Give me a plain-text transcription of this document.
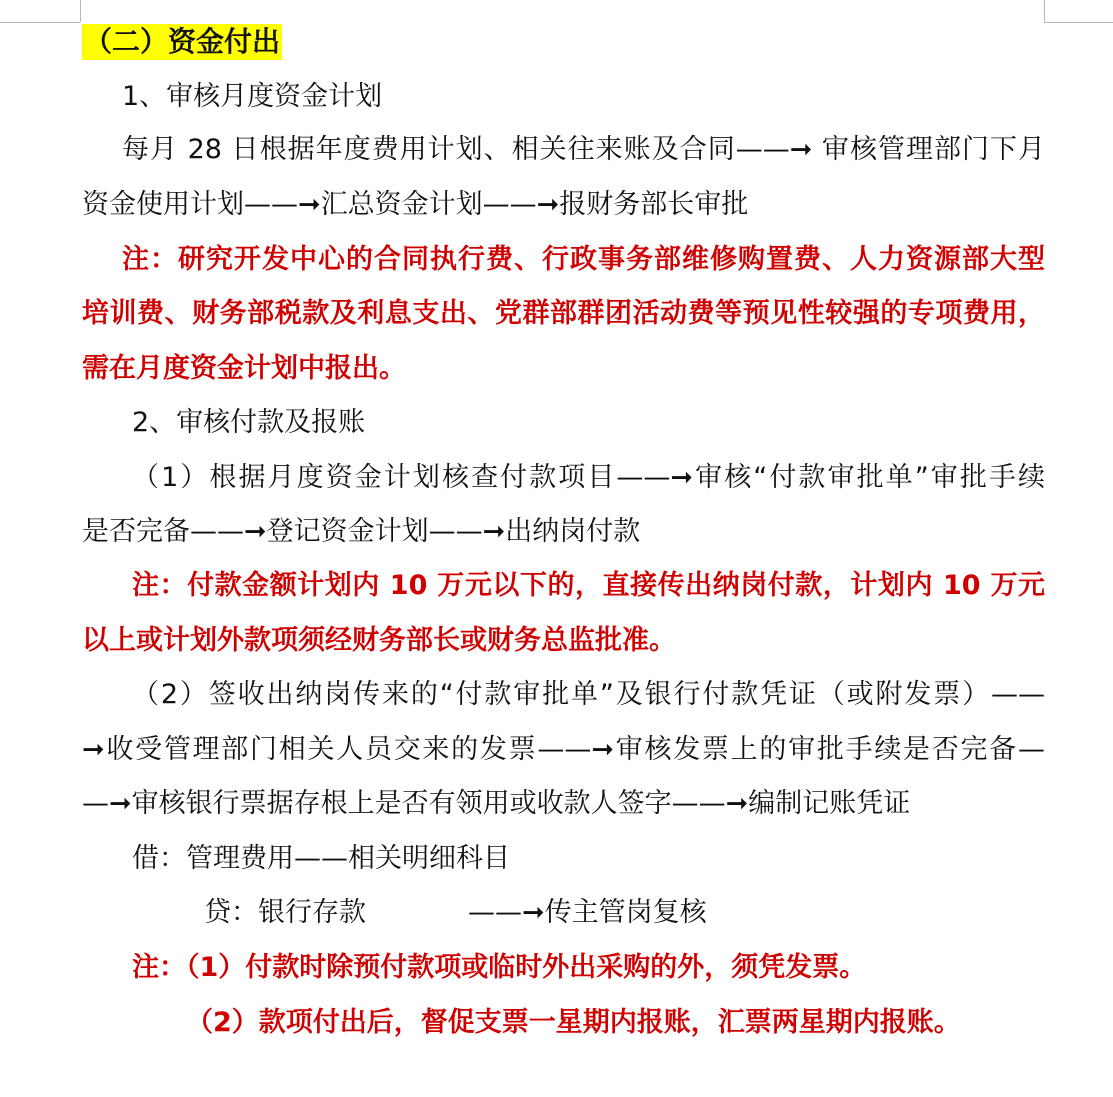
（二）资金付出
1、审核月度资金计划
每月 28 日根据年度费用计划、相关往来账及合同——➞ 审核管理部门下月
资金使用计划——➞汇总资金计划——➞报财务部长审批
注：研究开发中心的合同执行费、行政事务部维修购置费、人力资源部大型
培训费、财务部税款及利息支出、党群部群团活动费等预见性较强的专项费用，
需在月度资金计划中报出。
2、审核付款及报账
（1）根据月度资金计划核查付款项目——➞审核“付款审批单”审批手续
是否完备——➞登记资金计划——➞出纳岗付款
注：付款金额计划内 10 万元以下的，直接传出纳岗付款，计划内 10 万元
以上或计划外款项须经财务部长或财务总监批准。
（2）签收出纳岗传来的“付款审批单”及银行付款凭证（或附发票）——
➞收受管理部门相关人员交来的发票——➞审核发票上的审批手续是否完备—
—➞审核银行票据存根上是否有领用或收款人签字——➞编制记账凭证
借：管理费用——相关明细科目
贷：银行存款	——➞传主管岗复核
注：（1）付款时除预付款项或临时外出采购的外，须凭发票。
（2）款项付出后，督促支票一星期内报账，汇票两星期内报账。
